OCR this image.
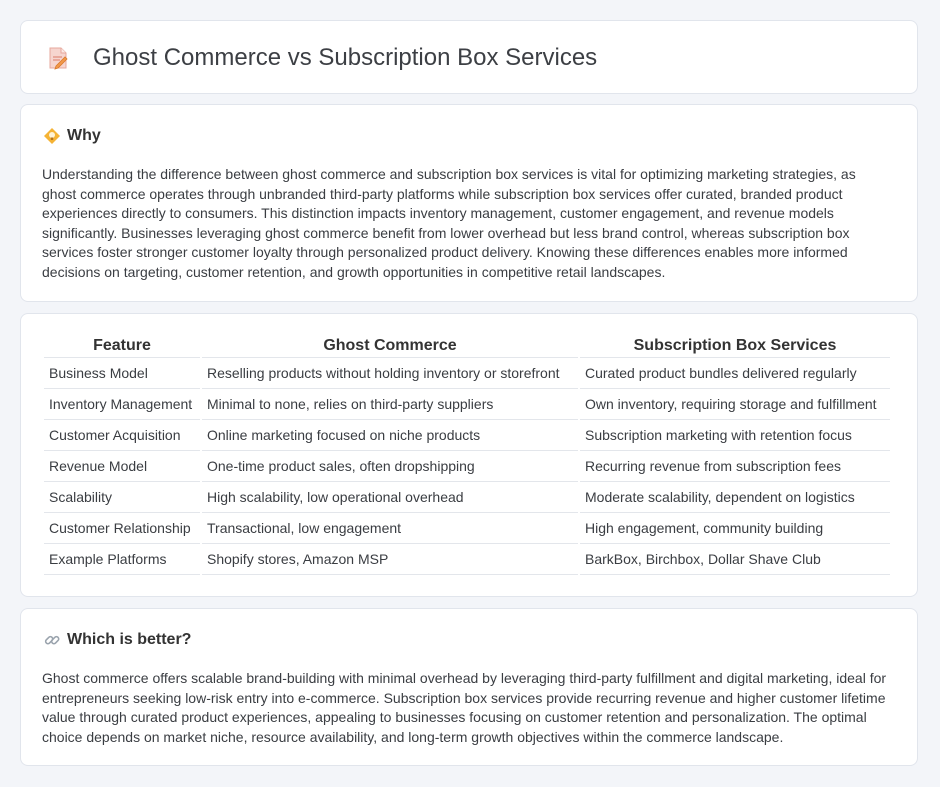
Ghost Commerce vs Subscription Box Services
Why

Understanding the difference between ghost commerce and subscription box services is vital for optimizing marketing strategies, as ghost commerce operates through unbranded third-party platforms while subscription box services offer curated, branded product experiences directly to consumers. This distinction impacts inventory management, customer engagement, and revenue models significantly. Businesses leveraging ghost commerce benefit from lower overhead but less brand control, whereas subscription box services foster stronger customer loyalty through personalized product delivery. Knowing these differences enables more informed decisions on targeting, customer retention, and growth opportunities in competitive retail landscapes.

Feature	Ghost Commerce	Subscription Box Services
Business Model	Reselling products without holding inventory or storefront	Curated product bundles delivered regularly
Inventory Management	Minimal to none, relies on third-party suppliers	Own inventory, requiring storage and fulfillment
Customer Acquisition	Online marketing focused on niche products	Subscription marketing with retention focus
Revenue Model	One-time product sales, often dropshipping	Recurring revenue from subscription fees
Scalability	High scalability, low operational overhead	Moderate scalability, dependent on logistics
Customer Relationship	Transactional, low engagement	High engagement, community building
Example Platforms	Shopify stores, Amazon MSP	BarkBox, Birchbox, Dollar Shave Club
Which is better?

Ghost commerce offers scalable brand-building with minimal overhead by leveraging third-party fulfillment and digital marketing, ideal for entrepreneurs seeking low-risk entry into e-commerce. Subscription box services provide recurring revenue and higher customer lifetime value through curated product experiences, appealing to businesses focusing on customer retention and personalization. The optimal choice depends on market niche, resource availability, and long-term growth objectives within the commerce landscape.
